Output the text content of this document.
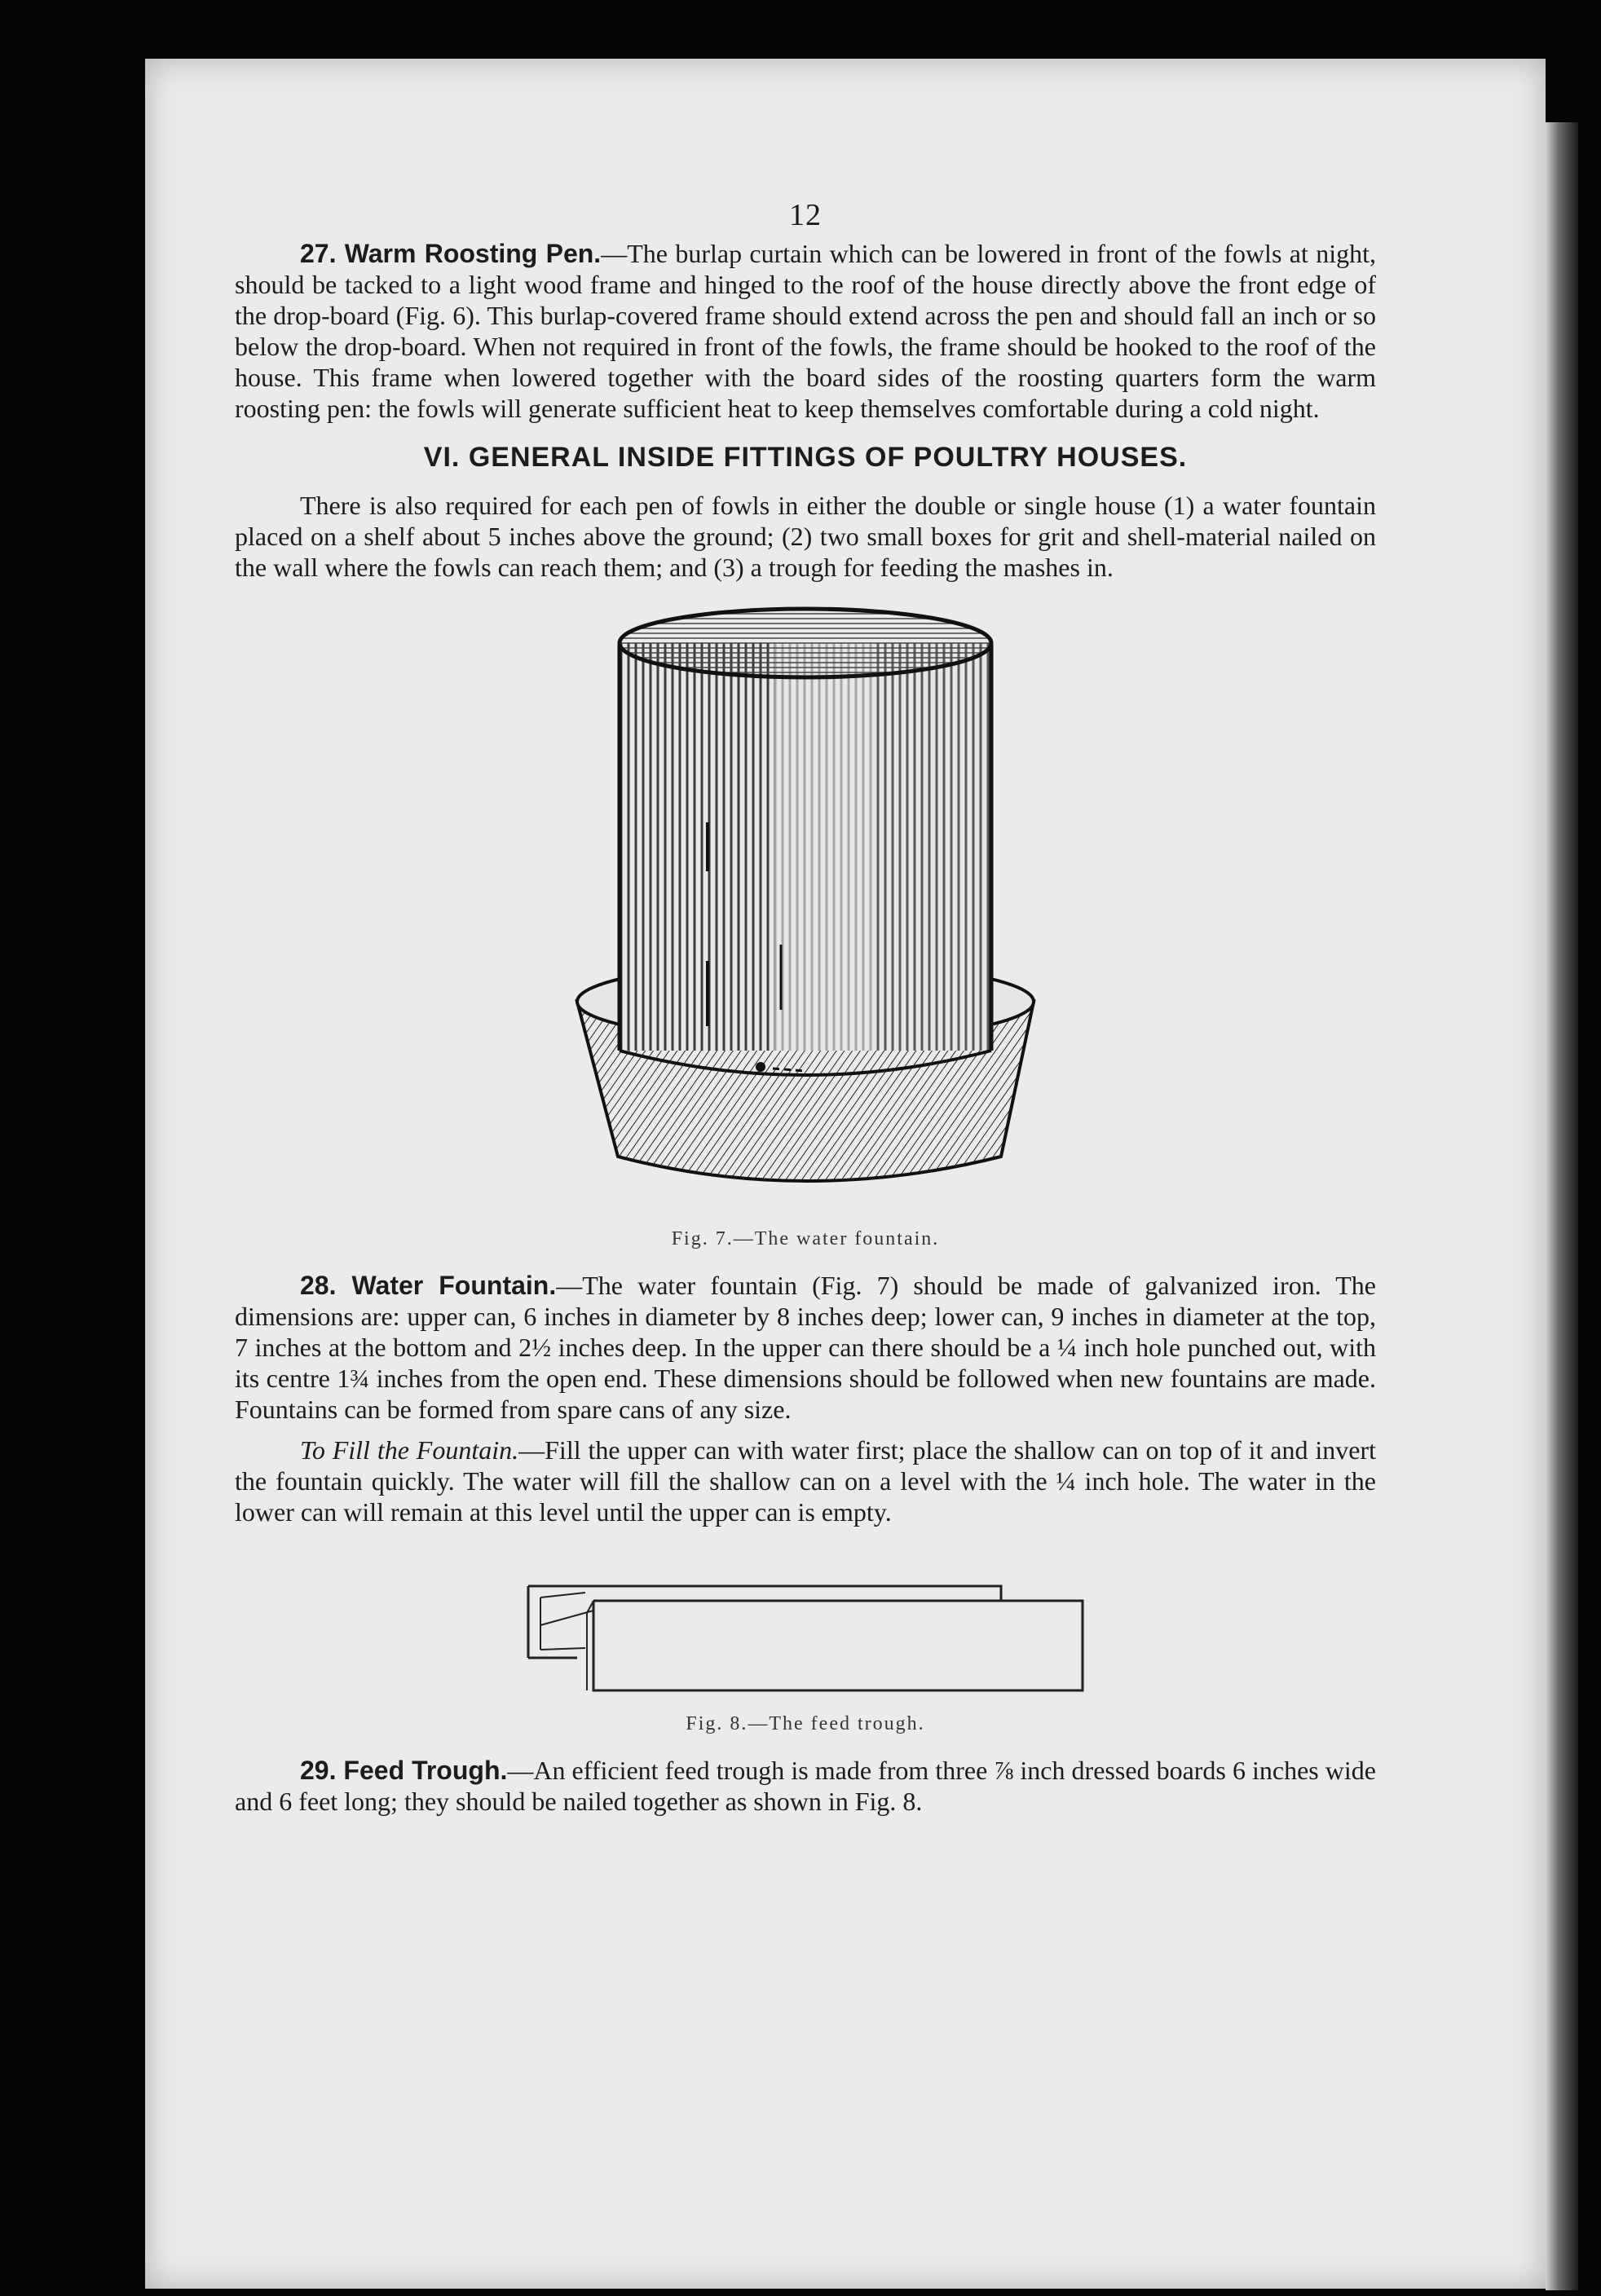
12

27. Warm Roosting Pen.—The burlap curtain which can be lowered in front of the fowls at night, should be tacked to a light wood frame and hinged to the roof of the house directly above the front edge of the drop-board (Fig. 6). This burlap-covered frame should extend across the pen and should fall an inch or so below the drop-board. When not required in front of the fowls, the frame should be hooked to the roof of the house. This frame when lowered together with the board sides of the roosting quarters form the warm roosting pen: the fowls will generate sufficient heat to keep themselves comfortable during a cold night.

VI. GENERAL INSIDE FITTINGS OF POULTRY HOUSES.

There is also required for each pen of fowls in either the double or single house (1) a water fountain placed on a shelf about 5 inches above the ground; (2) two small boxes for grit and shell-material nailed on the wall where the fowls can reach them; and (3) a trough for feeding the mashes in.

Fig. 7.—The water fountain.

28. Water Fountain.—The water fountain (Fig. 7) should be made of galvanized iron. The dimensions are: upper can, 6 inches in diameter by 8 inches deep; lower can, 9 inches in diameter at the top, 7 inches at the bottom and 2½ inches deep. In the upper can there should be a ¼ inch hole punched out, with its centre 1¾ inches from the open end. These dimensions should be followed when new fountains are made. Fountains can be formed from spare cans of any size.

To Fill the Fountain.—Fill the upper can with water first; place the shallow can on top of it and invert the fountain quickly. The water will fill the shallow can on a level with the ¼ inch hole. The water in the lower can will remain at this level until the upper can is empty.

Fig. 8.—The feed trough.

29. Feed Trough.—An efficient feed trough is made from three ⅞ inch dressed boards 6 inches wide and 6 feet long; they should be nailed together as shown in Fig. 8.
